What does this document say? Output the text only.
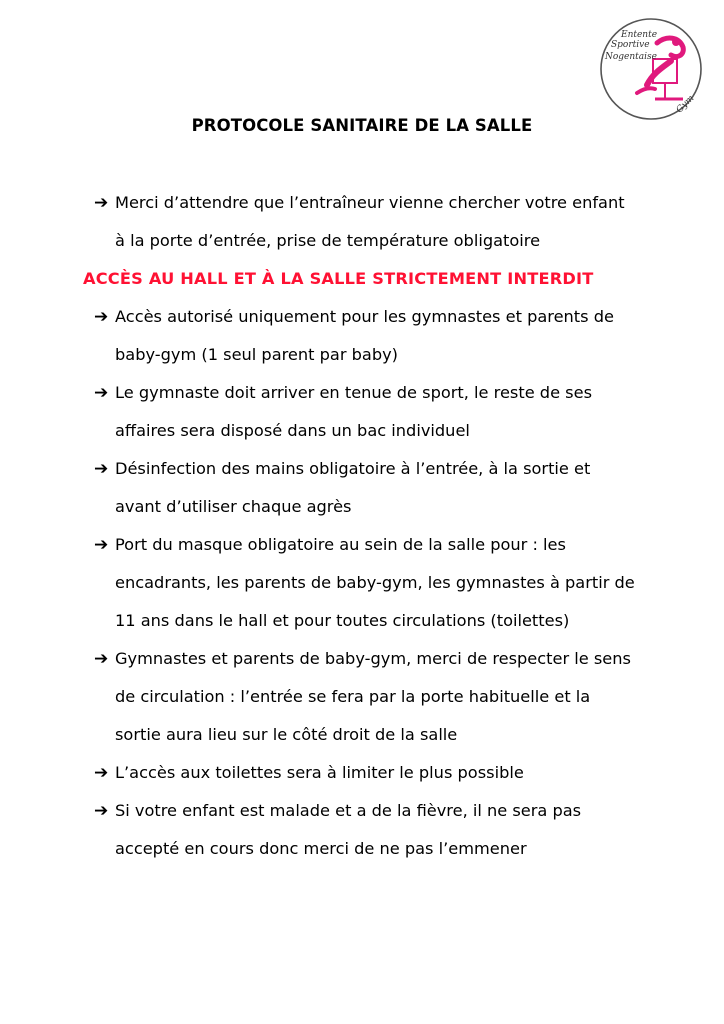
Entente
Sportive
Nogentaise
Gym
PROTOCOLE SANITAIRE DE LA SALLE
➔ Merci d’attendre que l’entraîneur vienne chercher votre enfant
à la porte d’entrée, prise de température obligatoire
ACCÈS AU HALL ET À LA SALLE STRICTEMENT INTERDIT
➔ Accès autorisé uniquement pour les gymnastes et parents de
baby-gym (1 seul parent par baby)
➔ Le gymnaste doit arriver en tenue de sport, le reste de ses
affaires sera disposé dans un bac individuel
➔ Désinfection des mains obligatoire à l’entrée, à la sortie et
avant d’utiliser chaque agrès
➔ Port du masque obligatoire au sein de la salle pour : les
encadrants, les parents de baby-gym, les gymnastes à partir de
11 ans dans le hall et pour toutes circulations (toilettes)
➔ Gymnastes et parents de baby-gym, merci de respecter le sens
de circulation : l’entrée se fera par la porte habituelle et la
sortie aura lieu sur le côté droit de la salle
➔ L’accès aux toilettes sera à limiter le plus possible
➔ Si votre enfant est malade et a de la fièvre, il ne sera pas
accepté en cours donc merci de ne pas l’emmener
